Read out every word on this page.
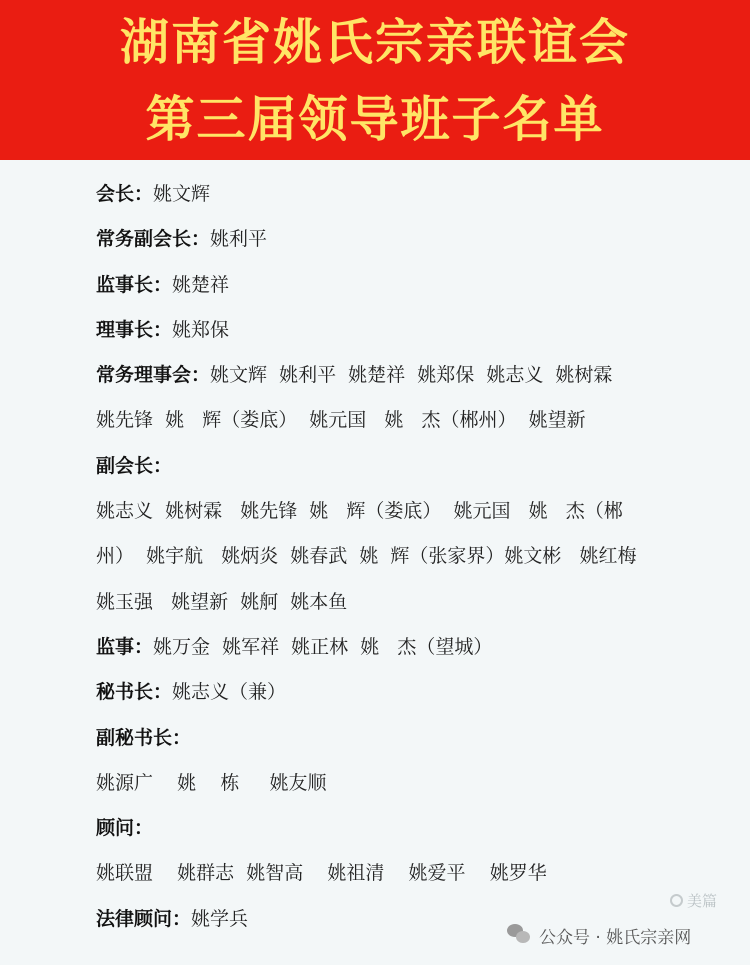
湖南省姚氏宗亲联谊会
第三届领导班子名单
会长：姚文辉
常务副会长：姚利平
监事长：姚楚祥
理事长：姚郑保
常务理事会：姚文辉  姚利平  姚楚祥  姚郑保  姚志义  姚树霖
姚先锋  姚   辉（娄底）  姚元国   姚   杰（郴州）  姚望新
副会长：
姚志义  姚树霖   姚先锋  姚   辉（娄底）  姚元国   姚   杰（郴
州）  姚宇航   姚炳炎  姚春武  姚  辉（张家界）姚文彬   姚红梅
姚玉强   姚望新  姚舸  姚本鱼
监事：姚万金  姚军祥  姚正林  姚   杰（望城）
秘书长：姚志义（兼）
副秘书长：
姚源广    姚    栋     姚友顺
顾问：
姚联盟    姚群志  姚智高    姚祖清    姚爱平    姚罗华
法律顾问：姚学兵
美篇
公众号 · 姚氏宗亲网
